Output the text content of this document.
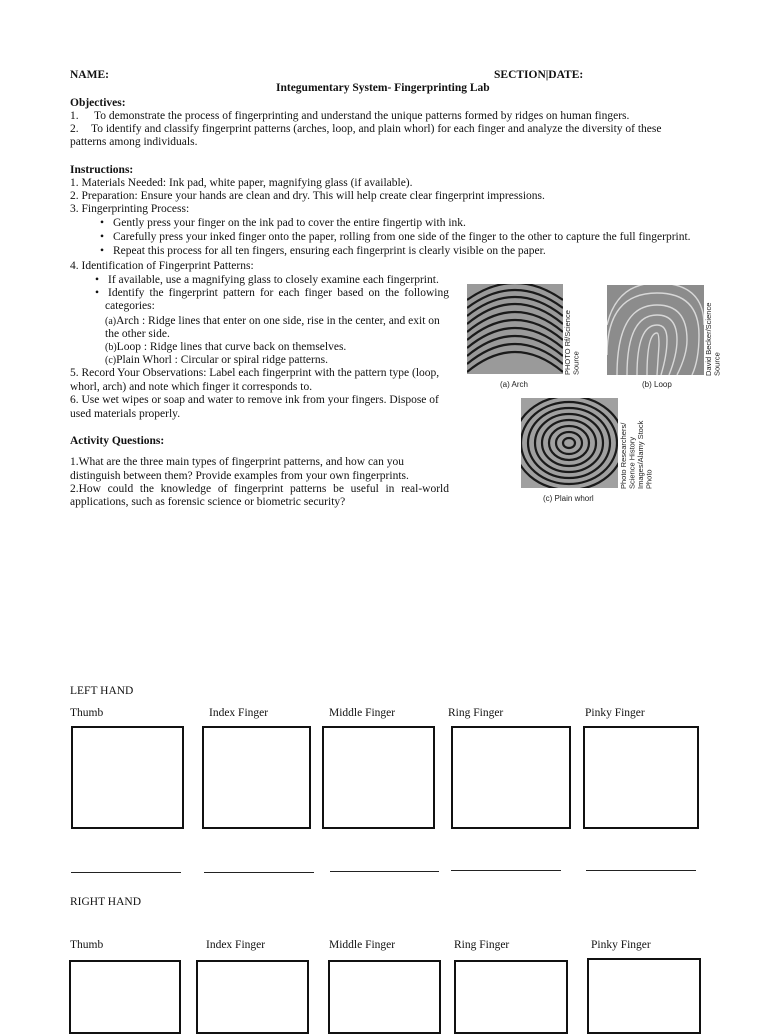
NAME:	SECTION|DATE:
Integumentary System- Fingerprinting Lab
Objectives:
1. To demonstrate the process of fingerprinting and understand the unique patterns formed by ridges on human fingers.
2. To identify and classify fingerprint patterns (arches, loop, and plain whorl) for each finger and analyze the diversity of these
patterns among individuals.
Instructions:
1. Materials Needed: Ink pad, white paper, magnifying glass (if available).
2. Preparation: Ensure your hands are clean and dry. This will help create clear fingerprint impressions.
3. Fingerprinting Process:
• Gently press your finger on the ink pad to cover the entire fingertip with ink.
• Carefully press your inked finger onto the paper, rolling from one side of the finger to the other to capture the full fingerprint.
• Repeat this process for all ten fingers, ensuring each fingerprint is clearly visible on the paper.
4. Identification of Fingerprint Patterns:
• If available, use a magnifying glass to closely examine each fingerprint.
• Identify the fingerprint pattern for each finger based on the following
categories:
(a)Arch : Ridge lines that enter on one side, rise in the center, and exit on
the other side.
(b)Loop : Ridge lines that curve back on themselves.
(c)Plain Whorl : Circular or spiral ridge patterns.
5. Record Your Observations: Label each fingerprint with the pattern type (loop,
whorl, arch) and note which finger it corresponds to.
6. Use wet wipes or soap and water to remove ink from your fingers. Dispose of
used materials properly.
PHOTO Rf/Science Source
(a) Arch
David Becker/Science Source
(b) Loop
Photo Researchers/ Science History Images/Alamy Stock Photo
(c) Plain whorl
Activity Questions:
1.What are the three main types of fingerprint patterns, and how can you
distinguish between them? Provide examples from your own fingerprints.
2.How could the knowledge of fingerprint patterns be useful in real-world
applications, such as forensic science or biometric security?
LEFT HAND
Thumb	Index Finger	Middle Finger	Ring Finger	Pinky Finger
RIGHT HAND
Thumb	Index Finger	Middle Finger	Ring Finger	Pinky Finger
